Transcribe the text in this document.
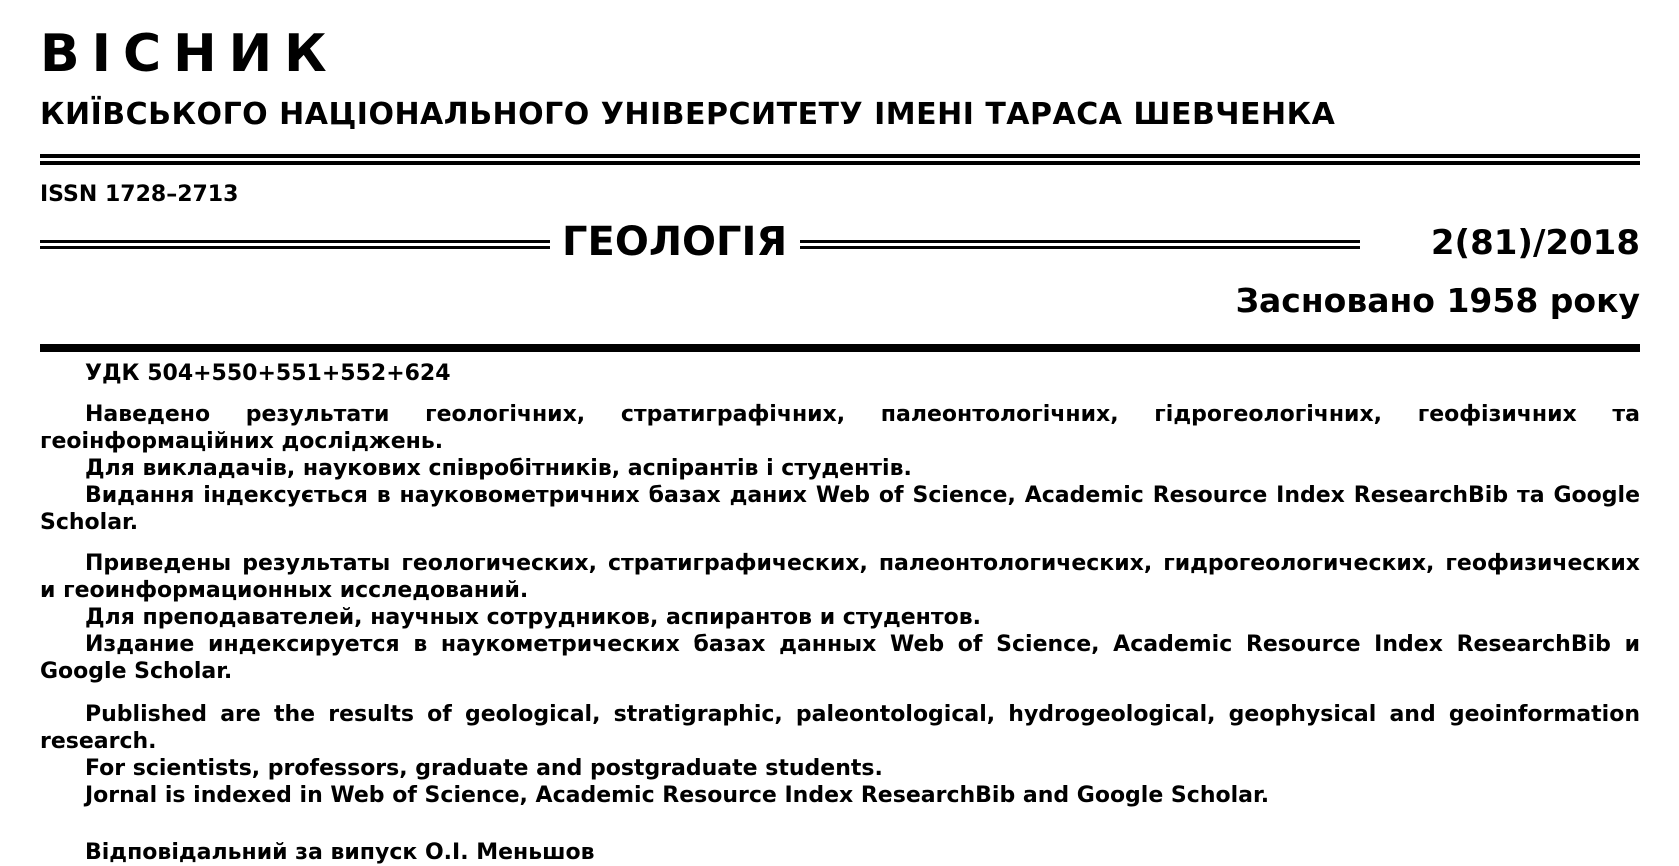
ВІСНИК
КИЇВСЬКОГО НАЦІОНАЛЬНОГО УНІВЕРСИТЕТУ ІМЕНІ ТАРАСА ШЕВЧЕНКА
ISSN 1728–2713
ГЕОЛОГІЯ	2(81)/2018
Засновано 1958 року

УДК 504+550+551+552+624

Наведено результати геологічних, стратиграфічних, палеонтологічних, гідрогеологічних, геофізичних та геоінформаційних досліджень.

Для викладачів, наукових співробітників, аспірантів і студентів.

Видання індексується в науковометричних базах даних Web of Science, Academic Resource Index ResearchBib та Google Scholar.

Приведены результаты геологических, стратиграфических, палеонтологических, гидрогеологических, геофизических и геоинформационных исследований.

Для преподавателей, научных сотрудников, аспирантов и студентов.

Издание индексируется в наукометрических базах данных Web of Science, Academic Resource Index ResearchBib и Google Scholar.

Published are the results of geological, stratigraphic, paleontological, hydrogeological, geophysical and geoinformation research.

For scientists, professors, graduate and postgraduate students.

Jornal is indexed in Web of Science, Academic Resource Index ResearchBib and Google Scholar.

Відповідальний за випуск О.І. Меньшов
